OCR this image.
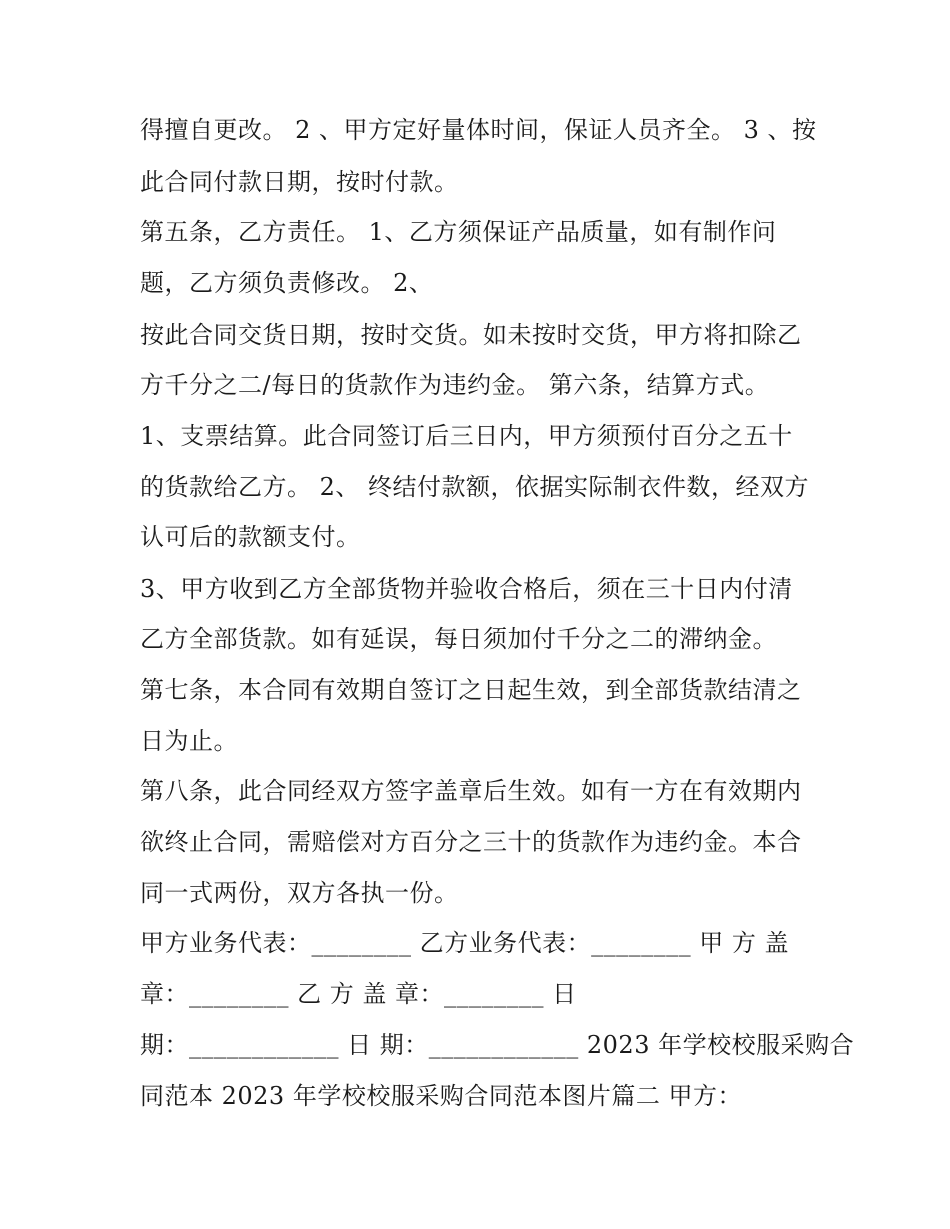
得擅自更改。 2 、甲方定好量体时间，保证人员齐全。 3 、按
此合同付款日期，按时付款。
第五条，乙方责任。 1、乙方须保证产品质量，如有制作问
题，乙方须负责修改。 2、
按此合同交货日期，按时交货。如未按时交货，甲方将扣除乙
方千分之二/每日的货款作为违约金。 第六条，结算方式。
1、支票结算。此合同签订后三日内，甲方须预付百分之五十
的货款给乙方。 2、 终结付款额，依据实际制衣件数，经双方
认可后的款额支付。
3、甲方收到乙方全部货物并验收合格后，须在三十日内付清
乙方全部货款。如有延误，每日须加付千分之二的滞纳金。
第七条，本合同有效期自签订之日起生效，到全部货款结清之
日为止。
第八条，此合同经双方签字盖章后生效。如有一方在有效期内
欲终止合同，需赔偿对方百分之三十的货款作为违约金。本合
同一式两份，双方各执一份。
甲方业务代表：________ 乙方业务代表：________ 甲 方 盖
章：________ 乙 方 盖 章：________ 日
期：____________ 日 期：____________ 2023 年学校校服采购合
同范本 2023 年学校校服采购合同范本图片篇二 甲方：
